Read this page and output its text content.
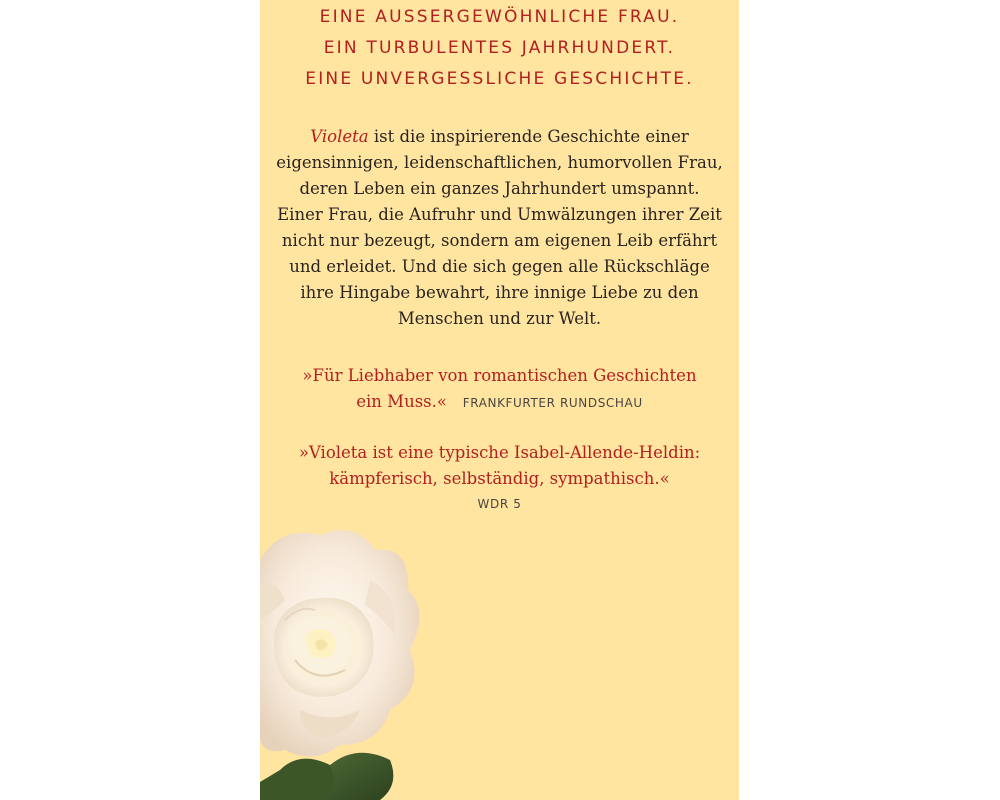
EINE AUSSERGEWÖHNLICHE FRAU.
EIN TURBULENTES JAHRHUNDERT.
EINE UNVERGESSLICHE GESCHICHTE.
Violeta ist die inspirierende Geschichte einer
eigensinnigen, leidenschaftlichen, humorvollen Frau,
deren Leben ein ganzes Jahrhundert umspannt.
Einer Frau, die Aufruhr und Umwälzungen ihrer Zeit
nicht nur bezeugt, sondern am eigenen Leib erfährt
und erleidet. Und die sich gegen alle Rückschläge
ihre Hingabe bewahrt, ihre innige Liebe zu den
Menschen und zur Welt.
»Für Liebhaber von romantischen Geschichten
ein Muss.« FRANKFURTER RUNDSCHAU
»Violeta ist eine typische Isabel-Allende-Heldin:
kämpferisch, selbständig, sympathisch.«
WDR 5
